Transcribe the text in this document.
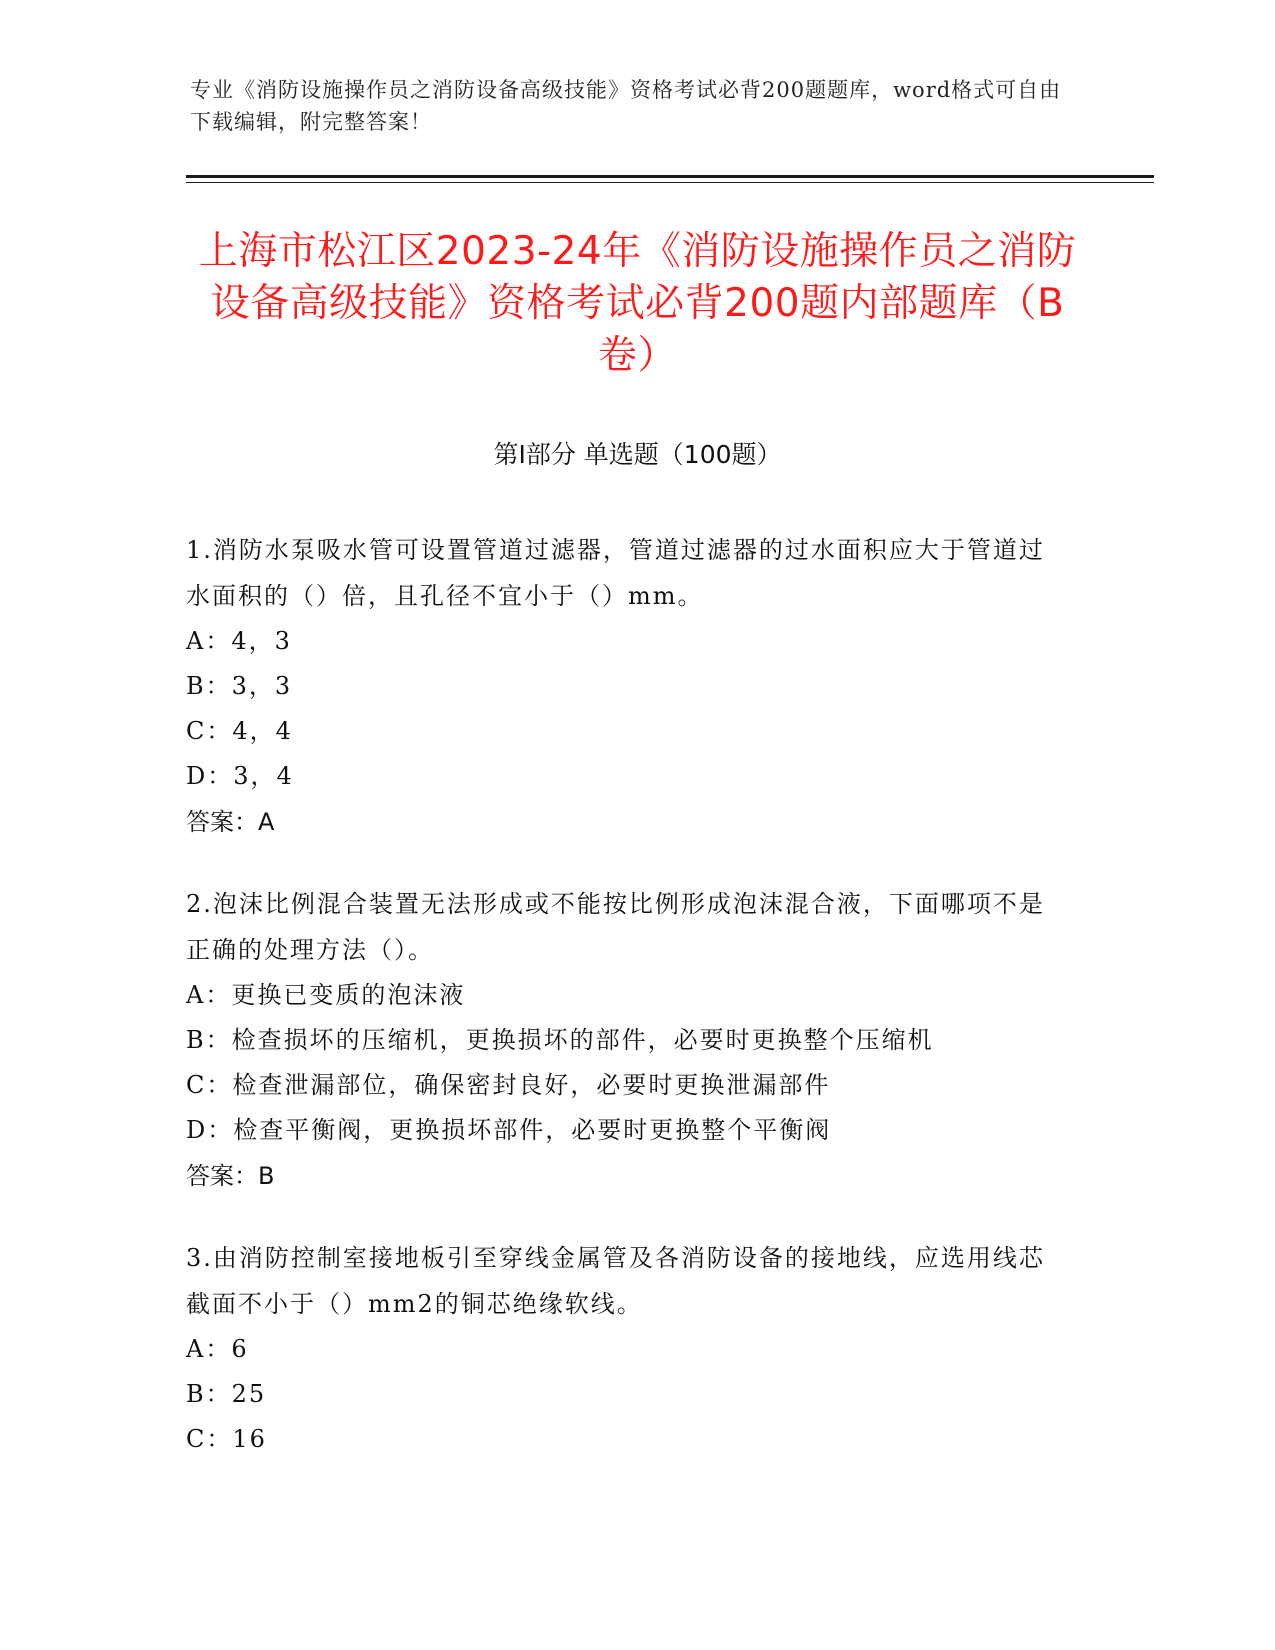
专业《消防设施操作员之消防设备高级技能》资格考试必背200题题库，word格式可自由下载编辑，附完整答案！
上海市松江区2023-24年《消防设施操作员之消防设备高级技能》资格考试必背200题内部题库（B卷）
第Ⅰ部分 单选题（100题）
1.消防水泵吸水管可设置管道过滤器，管道过滤器的过水面积应大于管道过水面积的（）倍，且孔径不宜小于（）mm。
A：4，3
B：3，3
C：4，4
D：3，4
答案：A
2.泡沫比例混合装置无法形成或不能按比例形成泡沫混合液，下面哪项不是正确的处理方法（）。
A：更换已变质的泡沫液
B：检查损坏的压缩机，更换损坏的部件，必要时更换整个压缩机
C：检查泄漏部位，确保密封良好，必要时更换泄漏部件
D：检查平衡阀，更换损坏部件，必要时更换整个平衡阀
答案：B
3.由消防控制室接地板引至穿线金属管及各消防设备的接地线，应选用线芯截面不小于（）mm2的铜芯绝缘软线。
A：6
B：25
C：16
